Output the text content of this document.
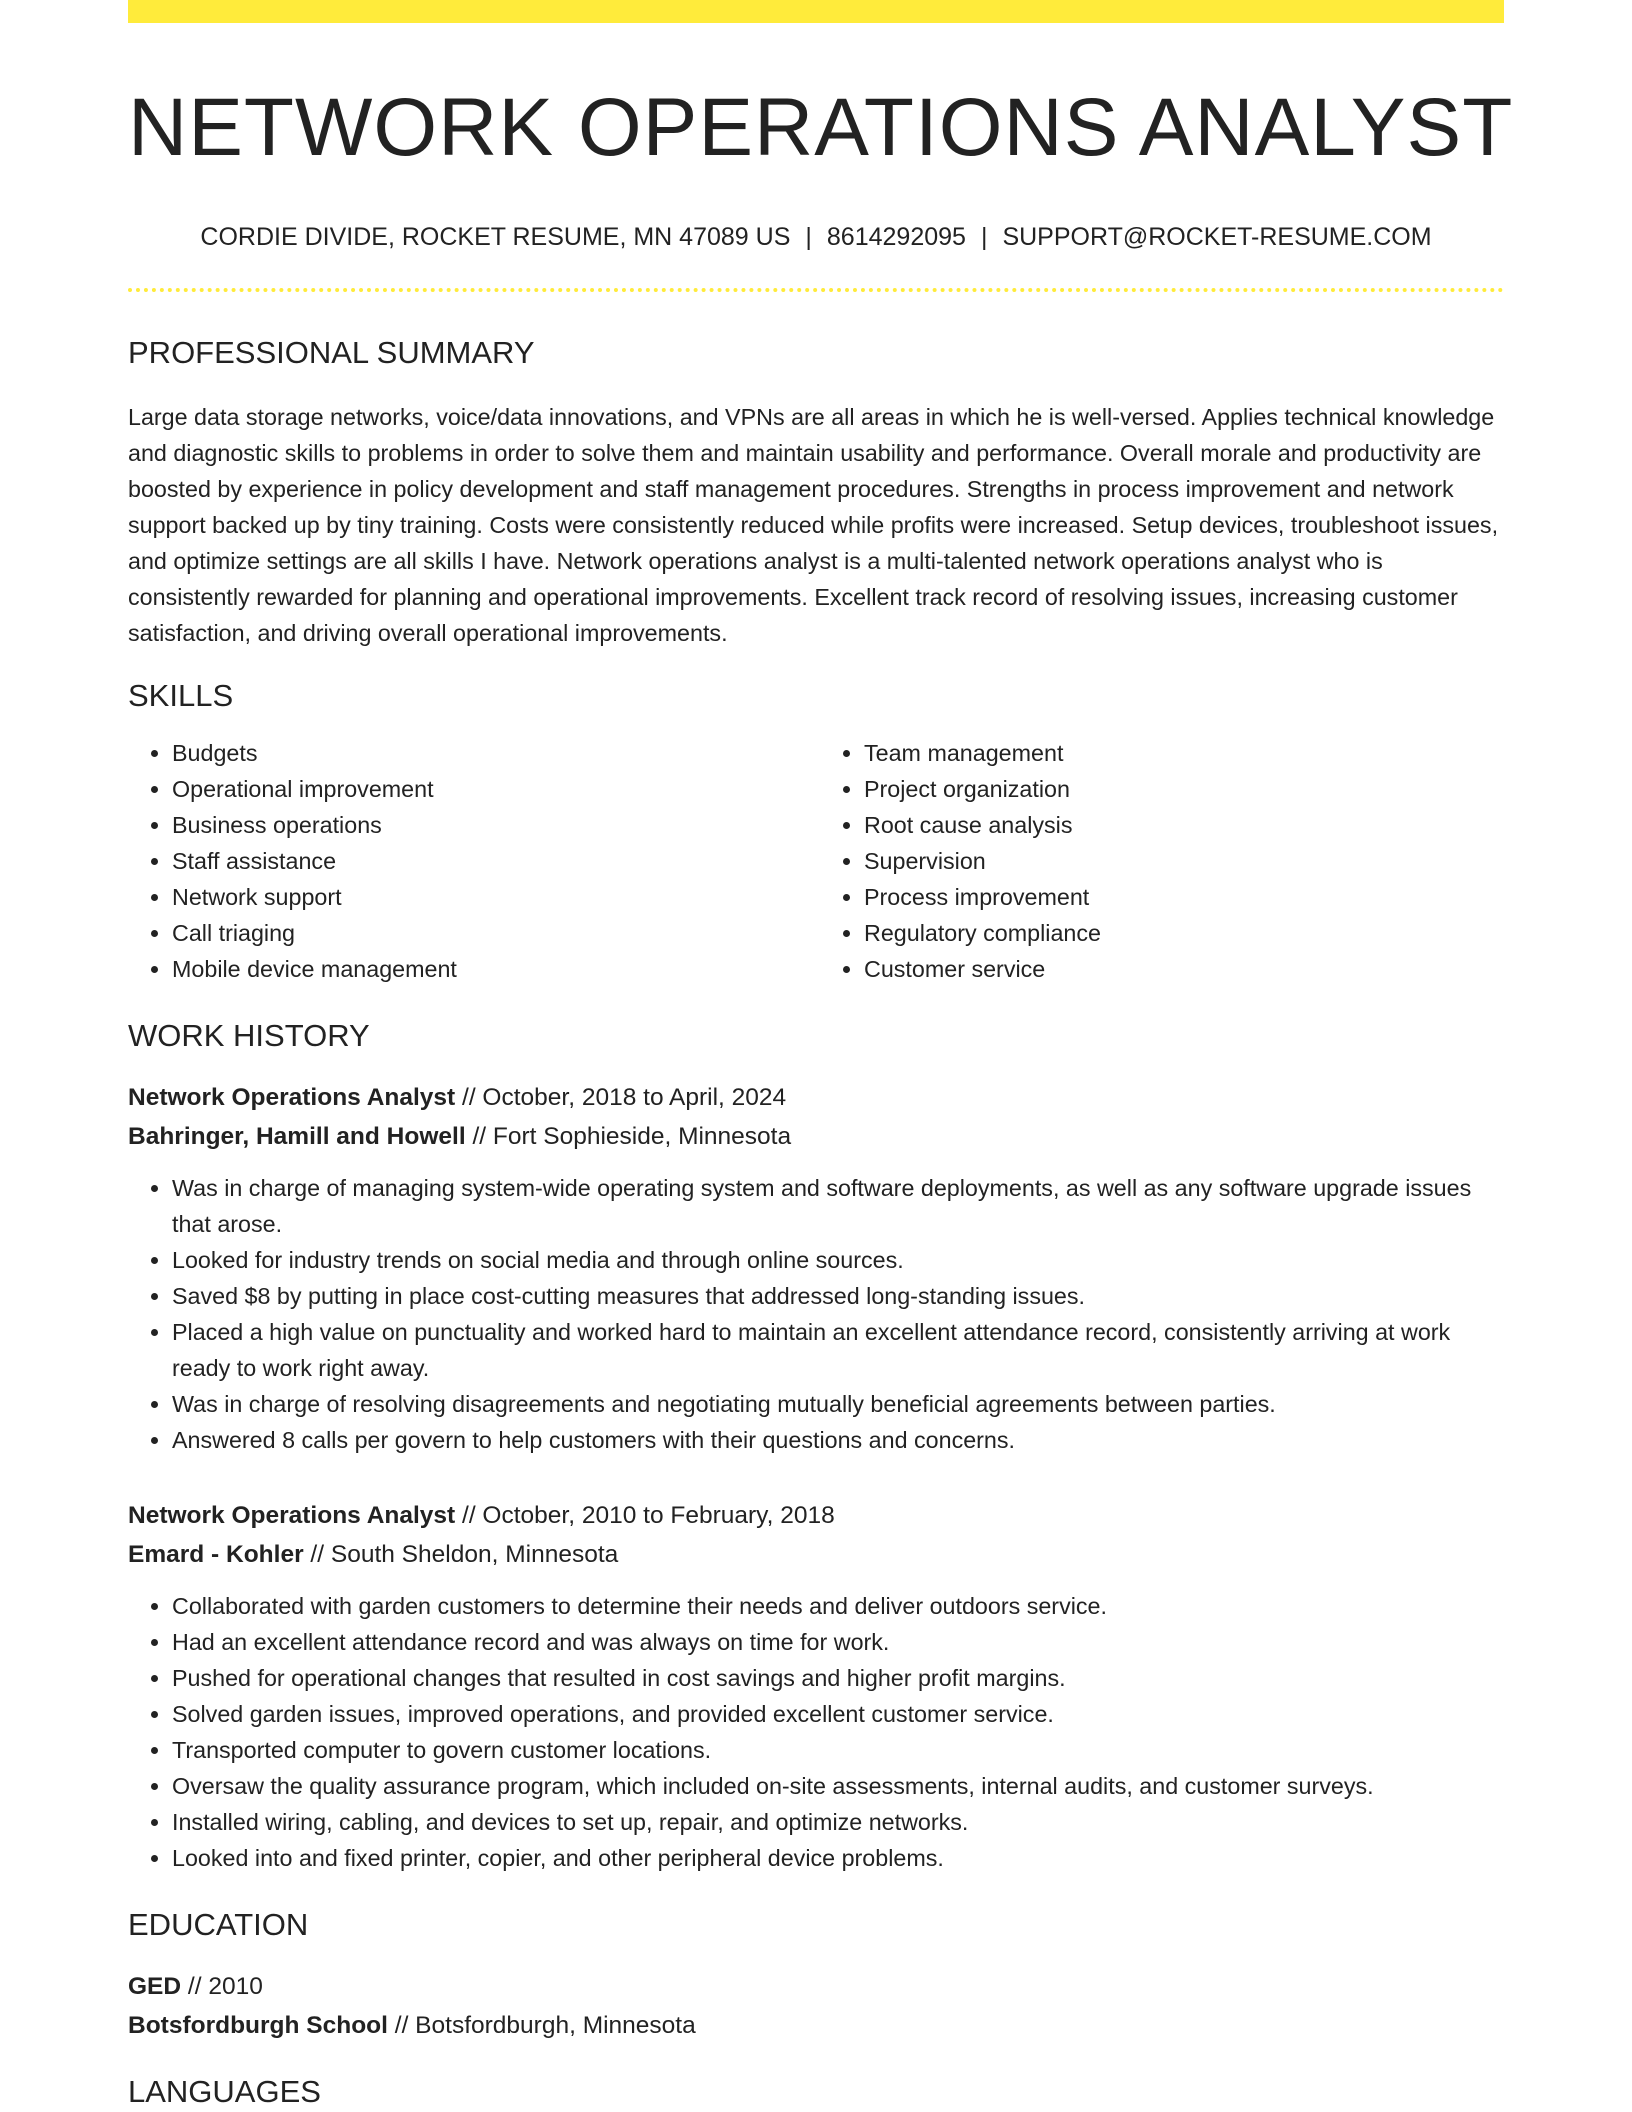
NETWORK OPERATIONS ANALYST
CORDIE DIVIDE, ROCKET RESUME, MN 47089 US | 8614292095 | SUPPORT@ROCKET-RESUME.COM
PROFESSIONAL SUMMARY

Large data storage networks, voice/data innovations, and VPNs are all areas in which he is well-versed. Applies technical knowledge and diagnostic skills to problems in order to solve them and maintain usability and performance. Overall morale and productivity are boosted by experience in policy development and staff management procedures. Strengths in process improvement and network support backed up by tiny training. Costs were consistently reduced while profits were increased. Setup devices, troubleshoot issues, and optimize settings are all skills I have. Network operations analyst is a multi-talented network operations analyst who is consistently rewarded for planning and operational improvements. Excellent track record of resolving issues, increasing customer satisfaction, and driving overall operational improvements.

SKILLS
• Budgets
• Operational improvement
• Business operations
• Staff assistance
• Network support
• Call triaging
• Mobile device management
• Team management
• Project organization
• Root cause analysis
• Supervision
• Process improvement
• Regulatory compliance
• Customer service
WORK HISTORY
Network Operations Analyst // October, 2018 to April, 2024
Bahringer, Hamill and Howell // Fort Sophieside, Minnesota
• Was in charge of managing system-wide operating system and software deployments, as well as any software upgrade issues that arose.
• Looked for industry trends on social media and through online sources.
• Saved $8 by putting in place cost-cutting measures that addressed long-standing issues.
• Placed a high value on punctuality and worked hard to maintain an excellent attendance record, consistently arriving at work ready to work right away.
• Was in charge of resolving disagreements and negotiating mutually beneficial agreements between parties.
• Answered 8 calls per govern to help customers with their questions and concerns.
Network Operations Analyst // October, 2010 to February, 2018
Emard - Kohler // South Sheldon, Minnesota
• Collaborated with garden customers to determine their needs and deliver outdoors service.
• Had an excellent attendance record and was always on time for work.
• Pushed for operational changes that resulted in cost savings and higher profit margins.
• Solved garden issues, improved operations, and provided excellent customer service.
• Transported computer to govern customer locations.
• Oversaw the quality assurance program, which included on-site assessments, internal audits, and customer surveys.
• Installed wiring, cabling, and devices to set up, repair, and optimize networks.
• Looked into and fixed printer, copier, and other peripheral device problems.
EDUCATION
GED // 2010
Botsfordburgh School // Botsfordburgh, Minnesota
LANGUAGES
